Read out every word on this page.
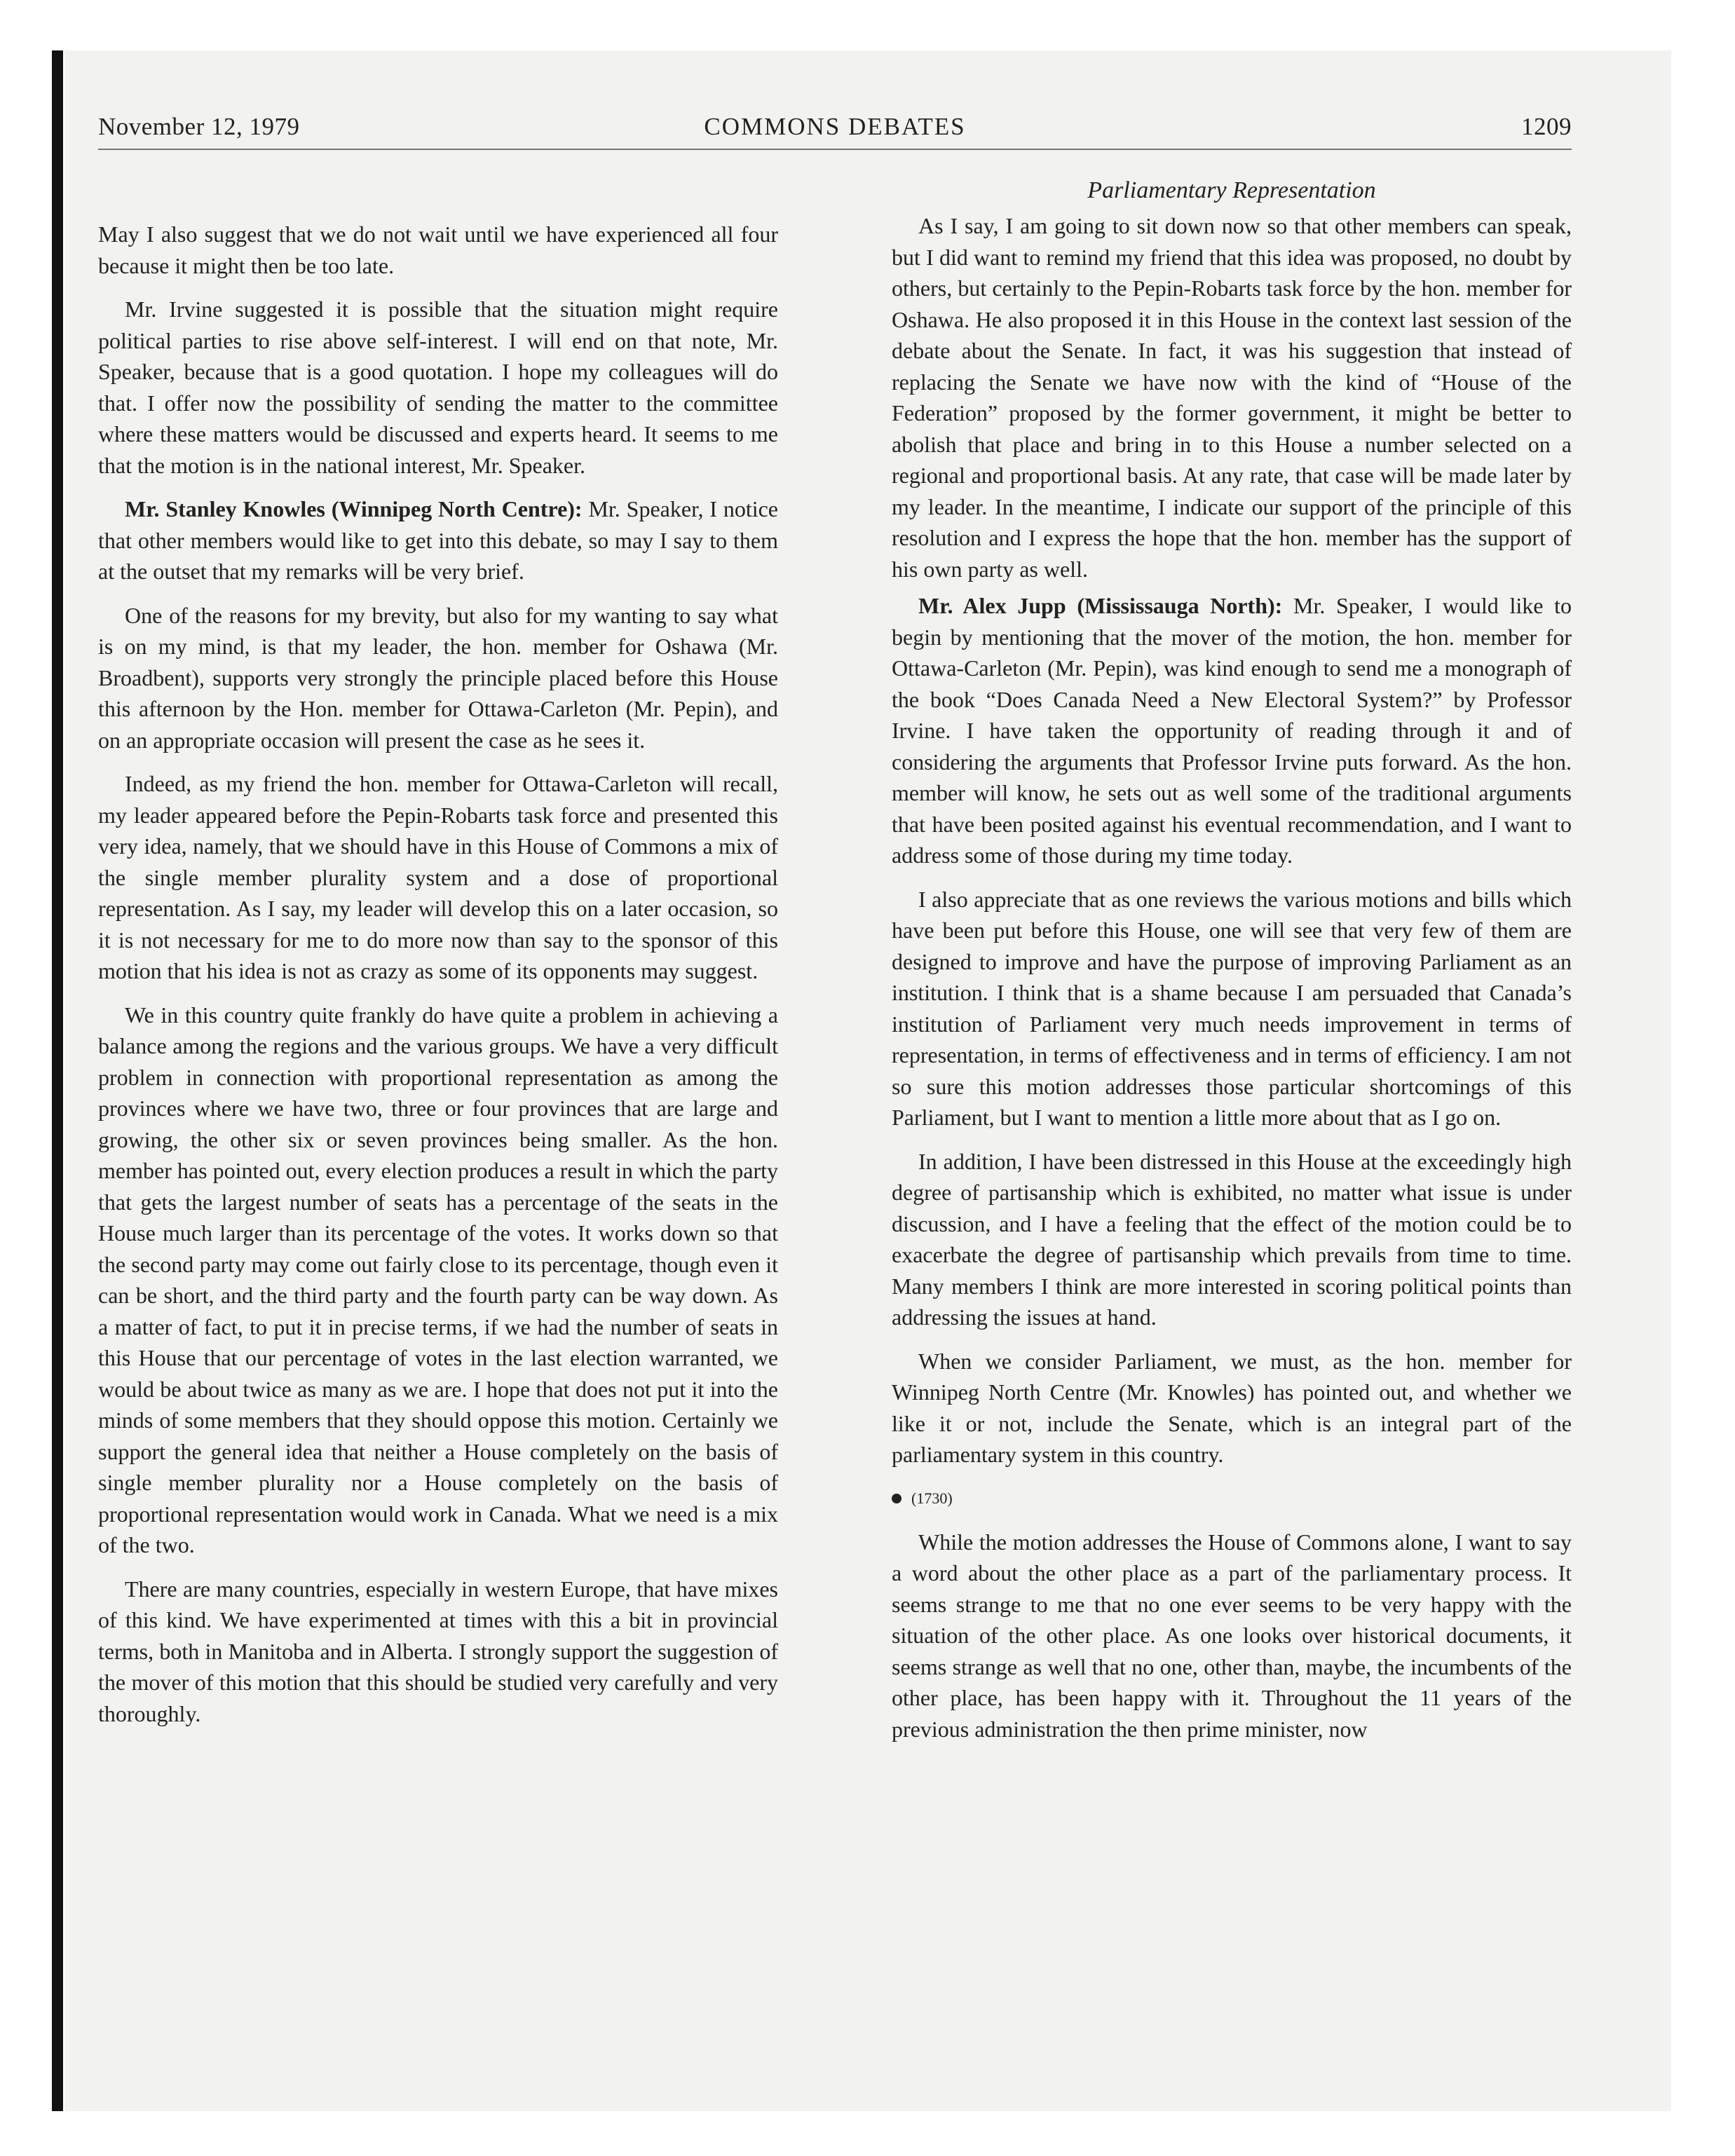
November 12, 1979	COMMONS DEBATES	1209

May I also suggest that we do not wait until we have experienced all four because it might then be too late.

Mr. Irvine suggested it is possible that the situation might require political parties to rise above self-interest. I will end on that note, Mr. Speaker, because that is a good quotation. I hope my colleagues will do that. I offer now the possibility of sending the matter to the committee where these matters would be discussed and experts heard. It seems to me that the motion is in the national interest, Mr. Speaker.

Mr. Stanley Knowles (Winnipeg North Centre): Mr. Speaker, I notice that other members would like to get into this debate, so may I say to them at the outset that my remarks will be very brief.

One of the reasons for my brevity, but also for my wanting to say what is on my mind, is that my leader, the hon. member for Oshawa (Mr. Broadbent), supports very strongly the principle placed before this House this afternoon by the Hon. member for Ottawa-Carleton (Mr. Pepin), and on an appropriate occasion will present the case as he sees it.

Indeed, as my friend the hon. member for Ottawa-Carleton will recall, my leader appeared before the Pepin-Robarts task force and presented this very idea, namely, that we should have in this House of Commons a mix of the single member plurality system and a dose of proportional representation. As I say, my leader will develop this on a later occasion, so it is not necessary for me to do more now than say to the sponsor of this motion that his idea is not as crazy as some of its opponents may suggest.

We in this country quite frankly do have quite a problem in achieving a balance among the regions and the various groups. We have a very difficult problem in connection with proportional representation as among the provinces where we have two, three or four provinces that are large and growing, the other six or seven provinces being smaller. As the hon. member has pointed out, every election produces a result in which the party that gets the largest number of seats has a percentage of the seats in the House much larger than its percentage of the votes. It works down so that the second party may come out fairly close to its percentage, though even it can be short, and the third party and the fourth party can be way down. As a matter of fact, to put it in precise terms, if we had the number of seats in this House that our percentage of votes in the last election warranted, we would be about twice as many as we are. I hope that does not put it into the minds of some members that they should oppose this motion. Certainly we support the general idea that neither a House completely on the basis of single member plurality nor a House completely on the basis of proportional representation would work in Canada. What we need is a mix of the two.

There are many countries, especially in western Europe, that have mixes of this kind. We have experimented at times with this a bit in provincial terms, both in Manitoba and in Alberta. I strongly support the suggestion of the mover of this motion that this should be studied very carefully and very thoroughly.

Parliamentary Representation

As I say, I am going to sit down now so that other members can speak, but I did want to remind my friend that this idea was proposed, no doubt by others, but certainly to the Pepin-Robarts task force by the hon. member for Oshawa. He also proposed it in this House in the context last session of the debate about the Senate. In fact, it was his suggestion that instead of replacing the Senate we have now with the kind of “House of the Federation” proposed by the former government, it might be better to abolish that place and bring in to this House a number selected on a regional and proportional basis. At any rate, that case will be made later by my leader. In the meantime, I indicate our support of the principle of this resolution and I express the hope that the hon. member has the support of his own party as well.

Mr. Alex Jupp (Mississauga North): Mr. Speaker, I would like to begin by mentioning that the mover of the motion, the hon. member for Ottawa-Carleton (Mr. Pepin), was kind enough to send me a monograph of the book “Does Canada Need a New Electoral System?” by Professor Irvine. I have taken the opportunity of reading through it and of considering the arguments that Professor Irvine puts forward. As the hon. member will know, he sets out as well some of the traditional arguments that have been posited against his eventual recommendation, and I want to address some of those during my time today.

I also appreciate that as one reviews the various motions and bills which have been put before this House, one will see that very few of them are designed to improve and have the purpose of improving Parliament as an institution. I think that is a shame because I am persuaded that Canada’s institution of Parliament very much needs improvement in terms of representation, in terms of effectiveness and in terms of efficiency. I am not so sure this motion addresses those particular shortcomings of this Parliament, but I want to mention a little more about that as I go on.

In addition, I have been distressed in this House at the exceedingly high degree of partisanship which is exhibited, no matter what issue is under discussion, and I have a feeling that the effect of the motion could be to exacerbate the degree of partisanship which prevails from time to time. Many members I think are more interested in scoring political points than addressing the issues at hand.

When we consider Parliament, we must, as the hon. member for Winnipeg North Centre (Mr. Knowles) has pointed out, and whether we like it or not, include the Senate, which is an integral part of the parliamentary system in this country.

(1730)

While the motion addresses the House of Commons alone, I want to say a word about the other place as a part of the parliamentary process. It seems strange to me that no one ever seems to be very happy with the situation of the other place. As one looks over historical documents, it seems strange as well that no one, other than, maybe, the incumbents of the other place, has been happy with it. Throughout the 11 years of the previous administration the then prime minister, now
